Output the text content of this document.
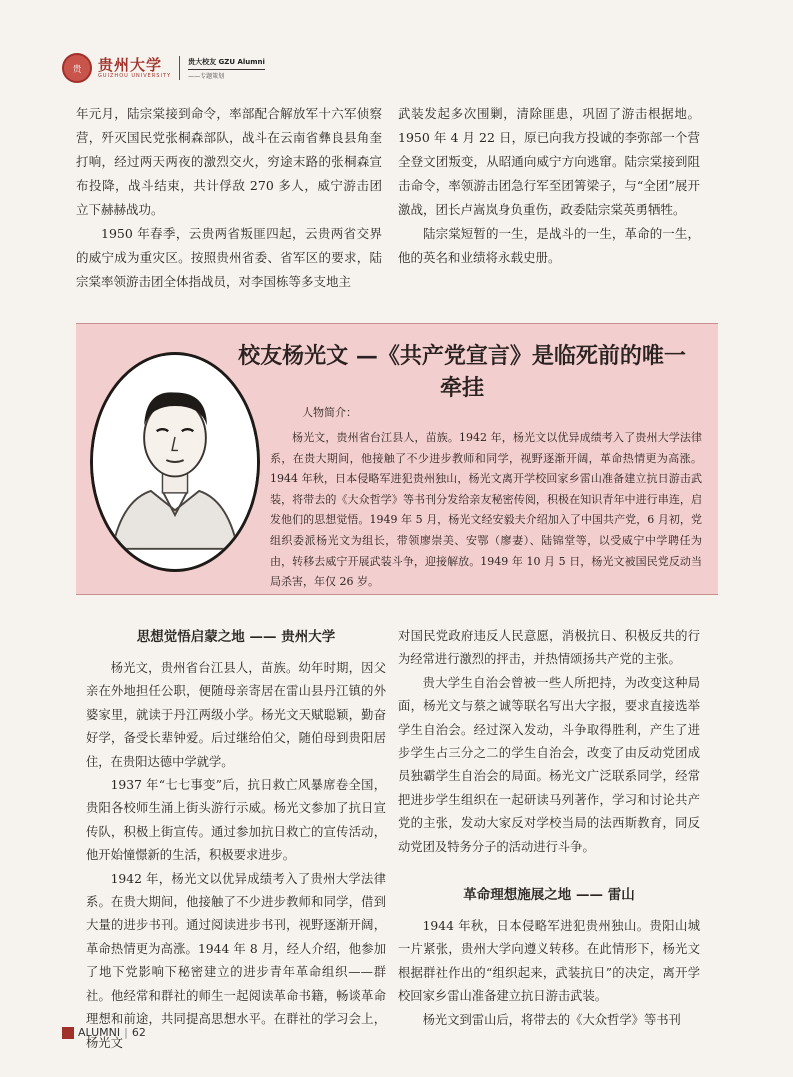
贵	贵州大学
GUIZHOU UNIVERSITY
贵大校友 GZU Alumni
——专题策划

年元月，陆宗棠接到命令，率部配合解放军十六军侦察营，歼灭国民党张桐森部队，战斗在云南省彝良县角奎打响，经过两天两夜的激烈交火，穷途末路的张桐森宣布投降，战斗结束，共计俘敌 270 多人，威宁游击团立下赫赫战功。

1950 年春季，云贵两省叛匪四起，云贵两省交界的威宁成为重灾区。按照贵州省委、省军区的要求，陆宗棠率领游击团全体指战员，对李国栋等多支地主

武装发起多次围剿，清除匪患，巩固了游击根据地。1950 年 4 月 22 日，原已向我方投诚的李弥部一个营全登文团叛变，从昭通向威宁方向逃窜。陆宗棠接到阻击命令，率领游击团急行军至团箐梁子，与“全团”展开激战，团长卢嵩岚身负重伤，政委陆宗棠英勇牺牲。

陆宗棠短暂的一生，是战斗的一生，革命的一生，他的英名和业绩将永载史册。

校友杨光文 —《共产党宣言》是临死前的唯一牵挂
人物简介：
杨光文，贵州省台江县人，苗族。1942 年，杨光文以优异成绩考入了贵州大学法律系，在贵大期间，他接触了不少进步教师和同学，视野逐渐开阔，革命热情更为高涨。1944 年秋，日本侵略军进犯贵州独山，杨光文离开学校回家乡雷山准备建立抗日游击武装，将带去的《大众哲学》等书刊分发给亲友秘密传阅，积极在知识青年中进行串连，启发他们的思想觉悟。1949 年 5 月，杨光文经安毅夫介绍加入了中国共产党，6 月初，党组织委派杨光文为组长，带领廖崇美、安鄂（廖妻）、陆锦堂等，以受威宁中学聘任为由，转移去威宁开展武装斗争，迎接解放。1949 年 10 月 5 日，杨光文被国民党反动当局杀害，年仅 26 岁。
思想觉悟启蒙之地 —— 贵州大学

杨光文，贵州省台江县人，苗族。幼年时期，因父亲在外地担任公职，便随母亲寄居在雷山县丹江镇的外婆家里，就读于丹江两级小学。杨光文天赋聪颖，勤奋好学，备受长辈钟爱。后过继给伯父，随伯母到贵阳居住，在贵阳达德中学就学。

1937 年“七七事变”后，抗日救亡风暴席卷全国，贵阳各校师生涌上街头游行示威。杨光文参加了抗日宣传队，积极上街宣传。通过参加抗日救亡的宣传活动，他开始憧憬新的生活，积极要求进步。

1942 年，杨光文以优异成绩考入了贵州大学法律系。在贵大期间，他接触了不少进步教师和同学，借到大量的进步书刊。通过阅读进步书刊，视野逐渐开阔，革命热情更为高涨。1944 年 8 月，经人介绍，他参加了地下党影响下秘密建立的进步青年革命组织——群社。他经常和群社的师生一起阅读革命书籍，畅谈革命理想和前途，共同提高思想水平。在群社的学习会上，杨光文

对国民党政府违反人民意愿，消极抗日、积极反共的行为经常进行激烈的抨击，并热情颂扬共产党的主张。

贵大学生自治会曾被一些人所把持，为改变这种局面，杨光文与蔡之诚等联名写出大字报，要求直接选举学生自治会。经过深入发动，斗争取得胜利，产生了进步学生占三分之二的学生自治会，改变了由反动党团成员独霸学生自治会的局面。杨光文广泛联系同学，经常把进步学生组织在一起研读马列著作，学习和讨论共产党的主张，发动大家反对学校当局的法西斯教育，同反动党团及特务分子的活动进行斗争。

革命理想施展之地 —— 雷山

1944 年秋，日本侵略军进犯贵州独山。贵阳山城一片紧张，贵州大学向遵义转移。在此情形下，杨光文根据群社作出的“组织起来，武装抗日”的决定，离开学校回家乡雷山准备建立抗日游击武装。

杨光文到雷山后，将带去的《大众哲学》等书刊

ALUMNI | 62
